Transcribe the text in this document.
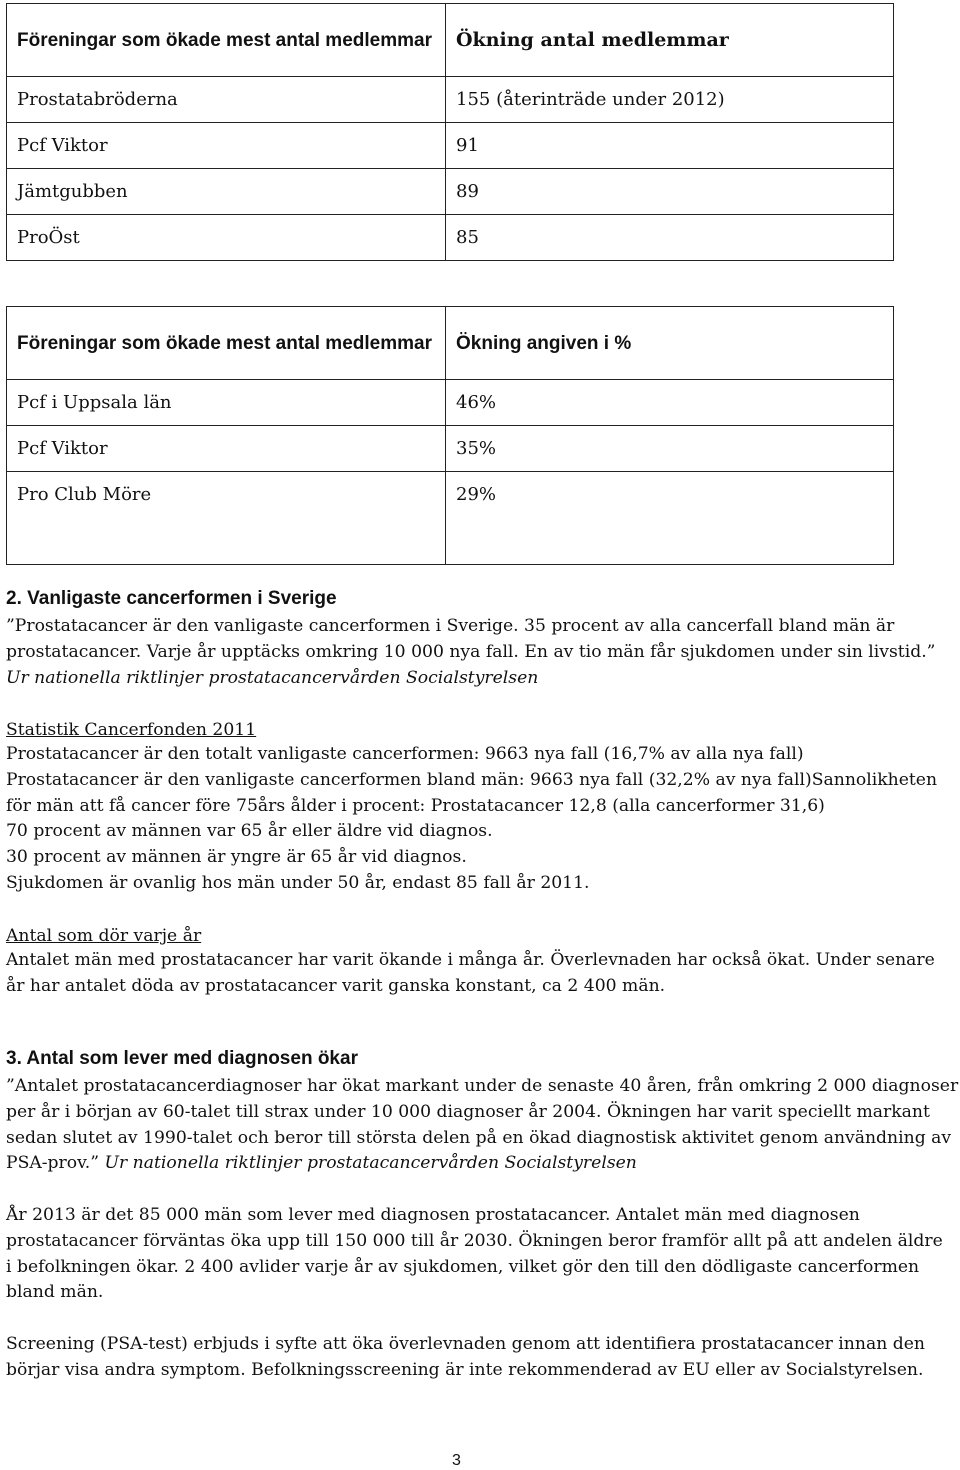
Föreningar som ökade mest antal medlemmar	Ökning antal medlemmar
Prostatabröderna	155 (återinträde under 2012)
Pcf Viktor	91
Jämtgubben	89
ProÖst	85
Föreningar som ökade mest antal medlemmar	Ökning angiven i %
Pcf i Uppsala län	46%
Pcf Viktor	35%
Pro Club Möre	29%
2. Vanligaste cancerformen i Sverige
”Prostatacancer är den vanligaste cancerformen i Sverige. 35 procent av alla cancerfall bland män är
prostatacancer. Varje år upptäcks omkring 10 000 nya fall. En av tio män får sjukdomen under sin livstid.”
Ur nationella riktlinjer prostatacancervården Socialstyrelsen
Statistik Cancerfonden 2011
Prostatacancer är den totalt vanligaste cancerformen: 9663 nya fall (16,7% av alla nya fall)
Prostatacancer är den vanligaste cancerformen bland män: 9663 nya fall (32,2% av nya fall)Sannolikheten
för män att få cancer före 75års ålder i procent: Prostatacancer 12,8 (alla cancerformer 31,6)
70 procent av männen var 65 år eller äldre vid diagnos.
30 procent av männen är yngre är 65 år vid diagnos.
Sjukdomen är ovanlig hos män under 50 år, endast 85 fall år 2011.
Antal som dör varje år
Antalet män med prostatacancer har varit ökande i många år. Överlevnaden har också ökat. Under senare
år har antalet döda av prostatacancer varit ganska konstant, ca 2 400 män.
3. Antal som lever med diagnosen ökar
”Antalet prostatacancerdiagnoser har ökat markant under de senaste 40 åren, från omkring 2 000 diagnoser
per år i början av 60-talet till strax under 10 000 diagnoser år 2004. Ökningen har varit speciellt markant
sedan slutet av 1990-talet och beror till största delen på en ökad diagnostisk aktivitet genom användning av
PSA-prov.” Ur nationella riktlinjer prostatacancervården Socialstyrelsen
År 2013 är det 85 000 män som lever med diagnosen prostatacancer. Antalet män med diagnosen
prostatacancer förväntas öka upp till 150 000 till år 2030. Ökningen beror framför allt på att andelen äldre
i befolkningen ökar. 2 400 avlider varje år av sjukdomen, vilket gör den till den dödligaste cancerformen
bland män.
Screening (PSA-test) erbjuds i syfte att öka överlevnaden genom att identifiera prostatacancer innan den
börjar visa andra symptom. Befolkningsscreening är inte rekommenderad av EU eller av Socialstyrelsen.
3
